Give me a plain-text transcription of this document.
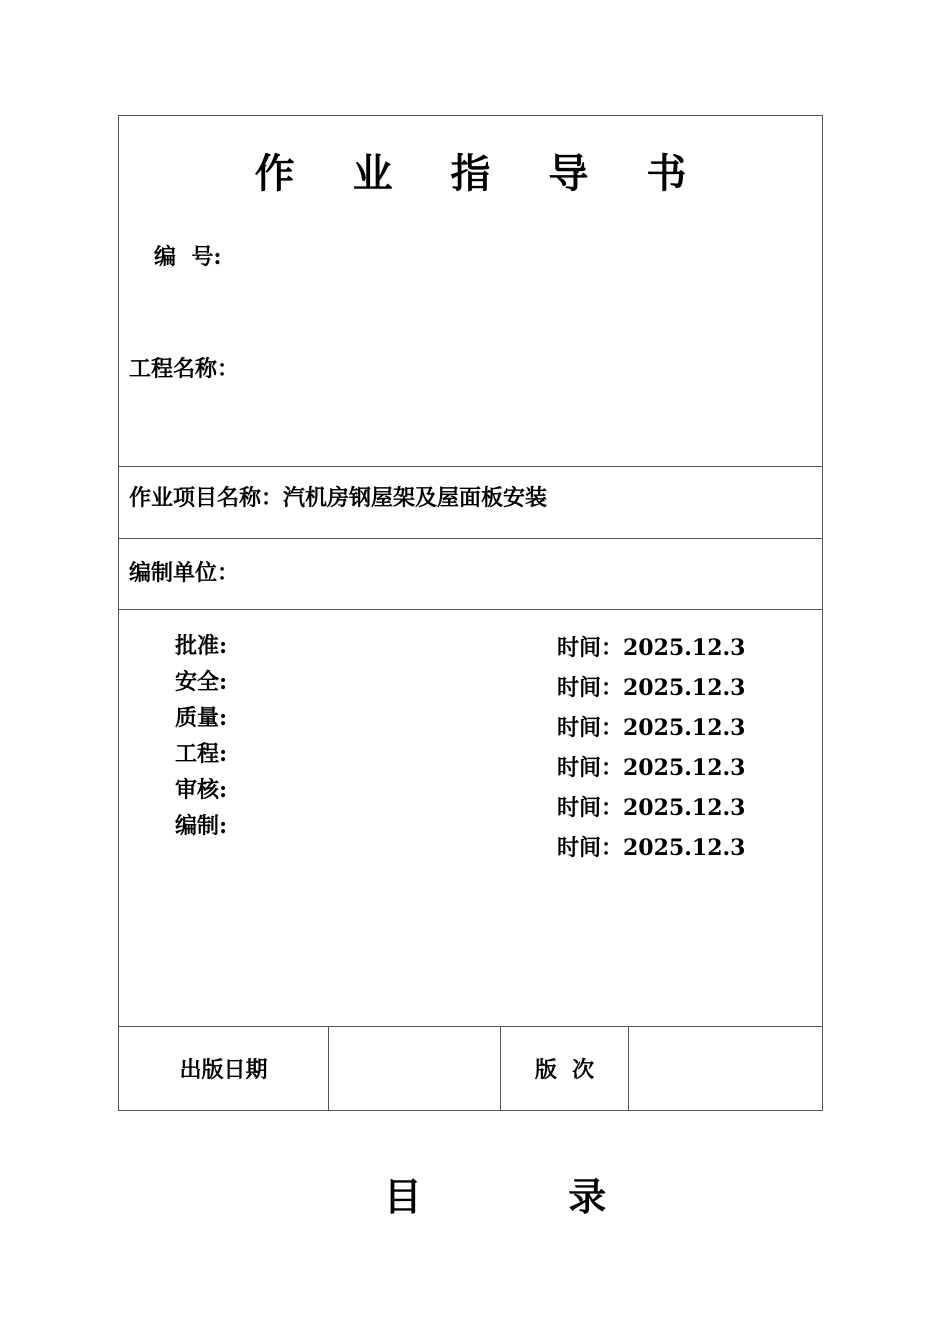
作 业 指 导 书
编  号:
工程名称：
作业项目名称：汽机房钢屋架及屋面板安装
编制单位：
批准:
安全:
质量:
工程:
审核:
编制:
时间：2025.12.3
时间：2025.12.3
时间：2025.12.3
时间：2025.12.3
时间：2025.12.3
时间：2025.12.3
出版日期	版  次
目  录
